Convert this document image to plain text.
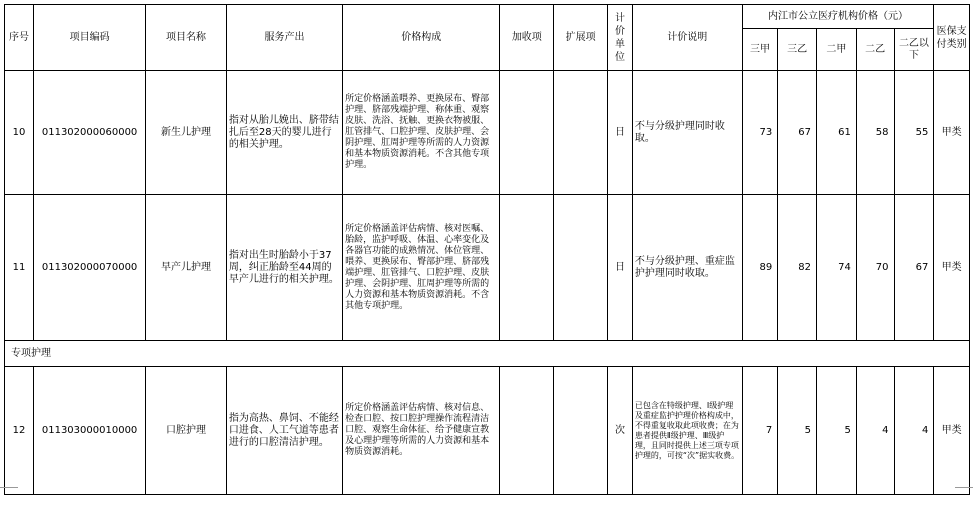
序号	项目编码	项目名称	服务产出	价格构成	加收项	扩展项	计价单位	计价说明	内江市公立医疗机构价格（元）					医保支付类别
									三甲	三乙	二甲	二乙	二乙以下	
10	011302000060000	新生儿护理	指对从胎儿娩出、脐带结扎后至28天的婴儿进行的相关护理。	所定价格涵盖喂养、更换尿布、臀部护理、脐部残端护理、称体重、观察皮肤、洗浴、抚触、更换衣物被服、肛管排气、口腔护理、皮肤护理、会阴护理、肛周护理等所需的人力资源和基本物质资源消耗。不含其他专项护理。			日	不与分级护理同时收取。	73	67	61	58	55	甲类
11	011302000070000	早产儿护理	指对出生时胎龄小于37周，纠正胎龄至44周的早产儿进行的相关护理。	所定价格涵盖评估病情、核对医嘱、胎龄，监护呼吸、体温、心率变化及各器官功能的成熟情况、体位管理、喂养、更换尿布、臀部护理、脐部残端护理、肛管排气、口腔护理、皮肤护理、会阴护理、肛周护理等所需的人力资源和基本物质资源消耗。不含其他专项护理。			日	不与分级护理、重症监护护理同时收取。	89	82	74	70	67	甲类
专项护理														
12	011303000010000	口腔护理	指为高热、鼻饲、不能经口进食、人工气道等患者进行的口腔清洁护理。	所定价格涵盖评估病情、核对信息、检查口腔、按口腔护理操作流程清洁口腔、观察生命体征、给予健康宣教及心理护理等所需的人力资源和基本物质资源消耗。			次	已包含在特级护理、Ⅰ级护理及重症监护护理价格构成中，不得重复收取此项收费；在为患者提供Ⅱ级护理、Ⅲ级护理，且同时提供上述三项专项护理的，可按“次”据实收费。	7	5	5	4	4	甲类
